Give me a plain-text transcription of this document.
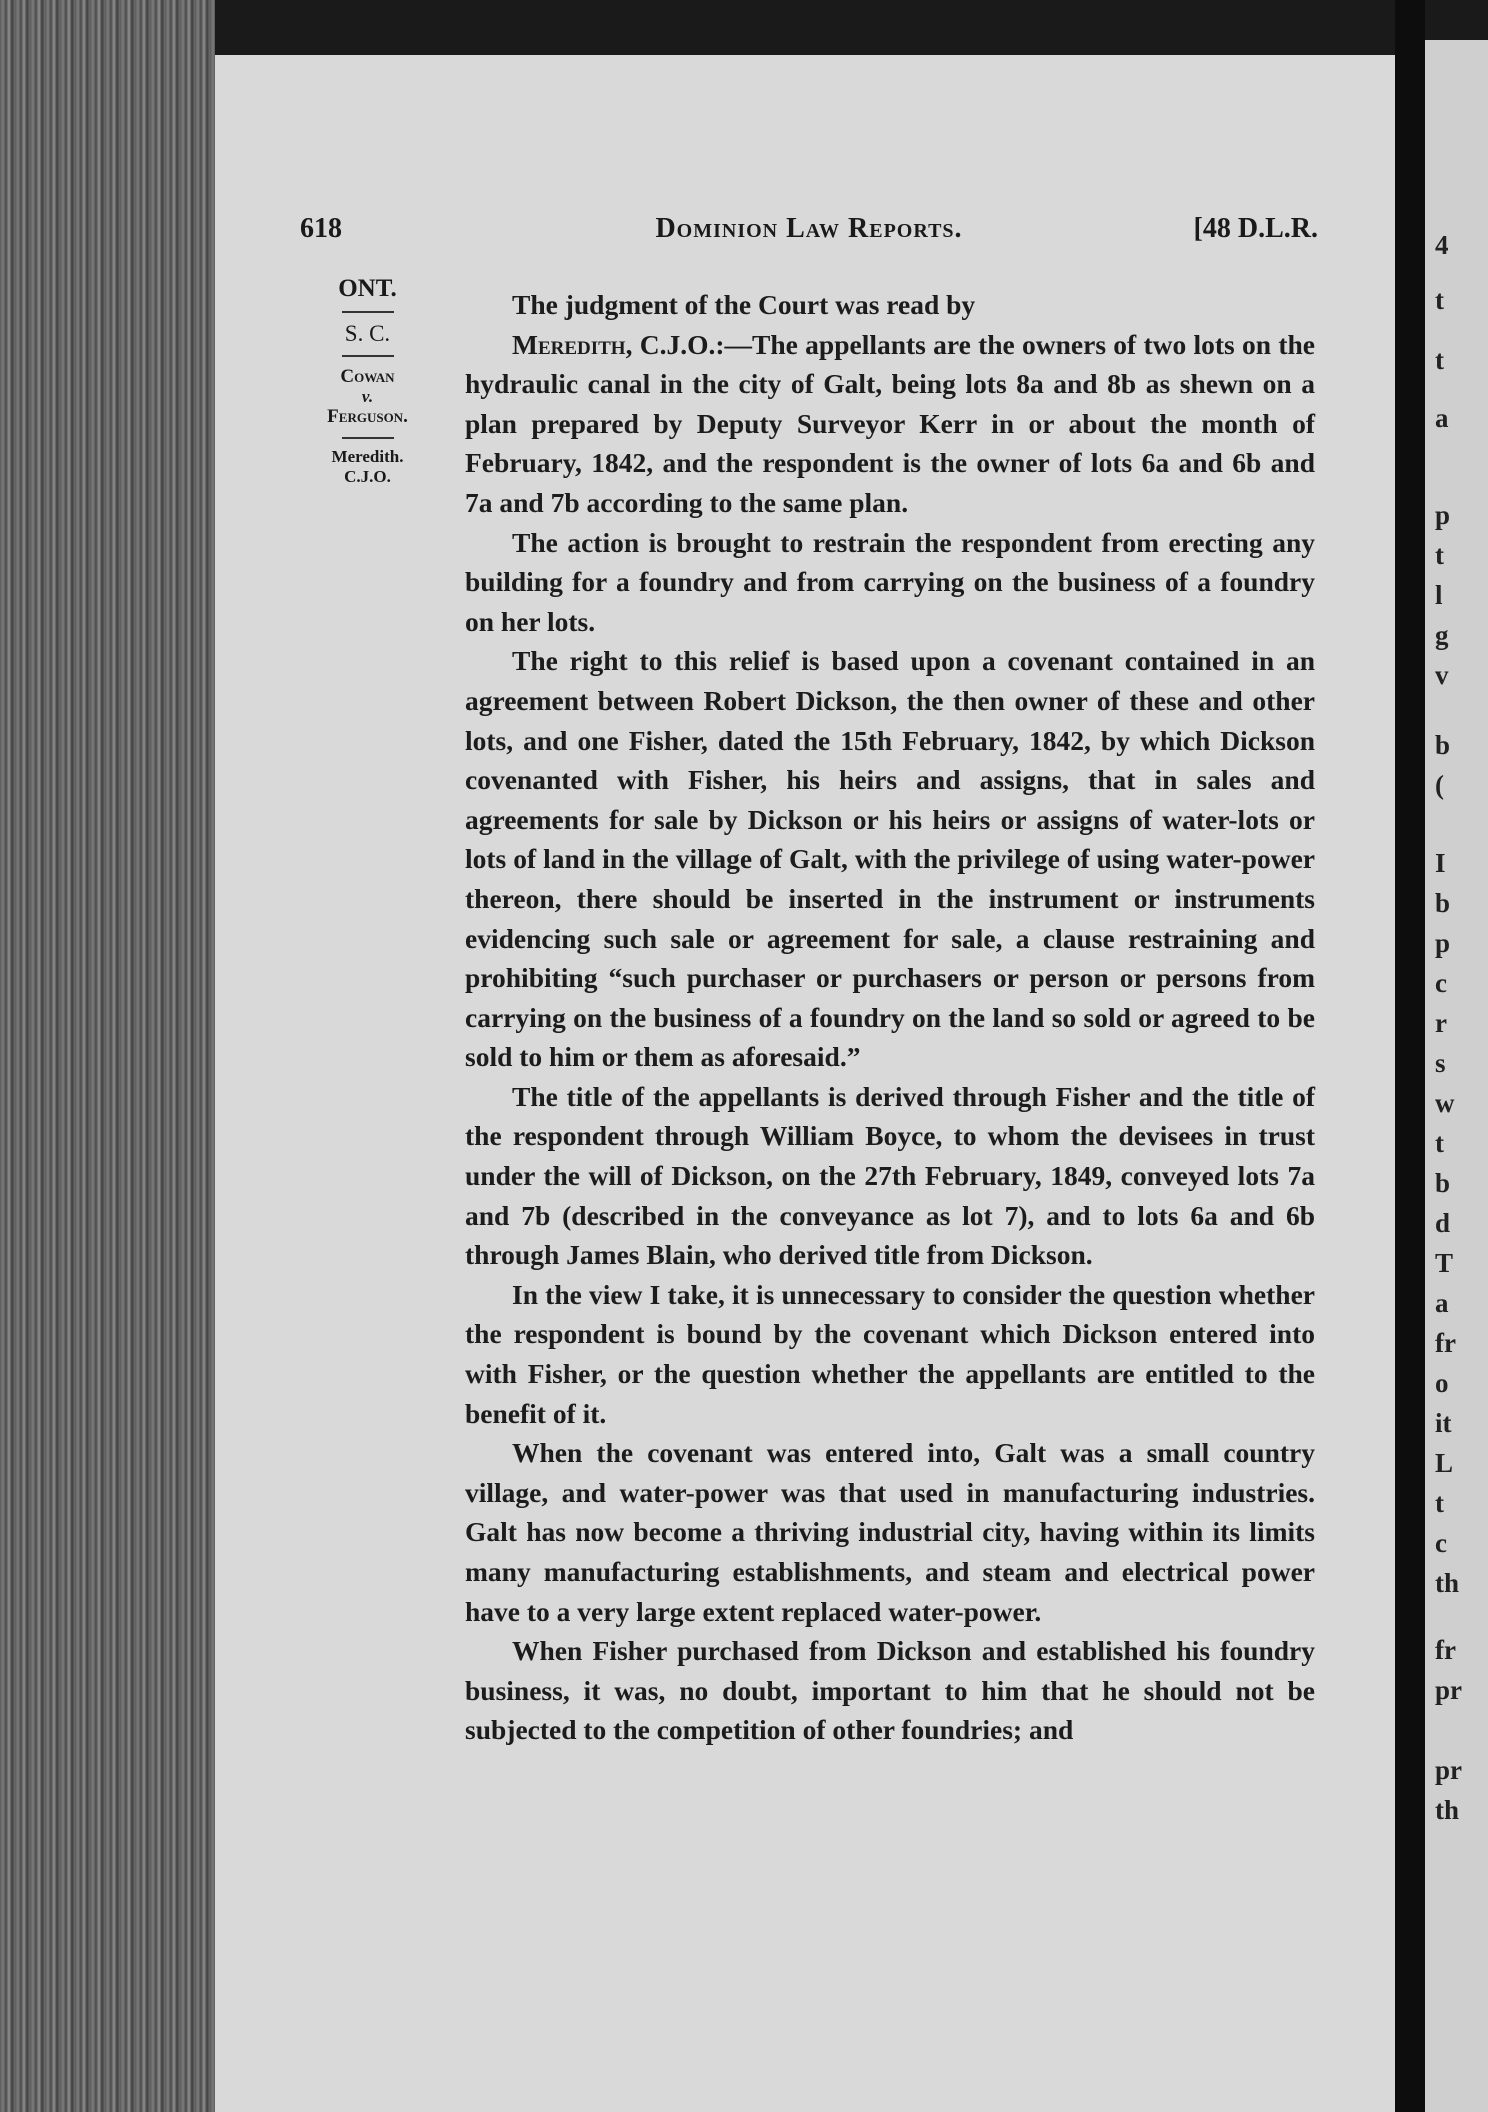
4
t
t
a
p
t
l
g
v
b
(
I
b
p
c
r
s
w
t
b
d
T
a
fr
o
it
L
t
c
th
fr
pr
pr
th
618	Dominion Law Reports.	[48 D.L.R.
ONT.
S. C.
Cowan
v.
Ferguson.
Meredith.
C.J.O.

The judgment of the Court was read by

Meredith, C.J.O.:—The appellants are the owners of two lots on the hydraulic canal in the city of Galt, being lots 8a and 8b as shewn on a plan prepared by Deputy Surveyor Kerr in or about the month of February, 1842, and the respondent is the owner of lots 6a and 6b and 7a and 7b according to the same plan.

The action is brought to restrain the respondent from erecting any building for a foundry and from carrying on the business of a foundry on her lots.

The right to this relief is based upon a covenant contained in an agreement between Robert Dickson, the then owner of these and other lots, and one Fisher, dated the 15th February, 1842, by which Dickson covenanted with Fisher, his heirs and assigns, that in sales and agreements for sale by Dickson or his heirs or assigns of water-lots or lots of land in the village of Galt, with the privilege of using water-power thereon, there should be inserted in the instrument or instruments evidencing such sale or agreement for sale, a clause restraining and prohibiting “such purchaser or purchasers or person or persons from carrying on the business of a foundry on the land so sold or agreed to be sold to him or them as aforesaid.”

The title of the appellants is derived through Fisher and the title of the respondent through William Boyce, to whom the devisees in trust under the will of Dickson, on the 27th February, 1849, conveyed lots 7a and 7b (described in the conveyance as lot 7), and to lots 6a and 6b through James Blain, who derived title from Dickson.

In the view I take, it is unnecessary to consider the question whether the respondent is bound by the covenant which Dickson entered into with Fisher, or the question whether the appellants are entitled to the benefit of it.

When the covenant was entered into, Galt was a small country village, and water-power was that used in manufacturing industries. Galt has now become a thriving industrial city, having within its limits many manufacturing establishments, and steam and electrical power have to a very large extent replaced water-power.

When Fisher purchased from Dickson and established his foundry business, it was, no doubt, important to him that he should not be subjected to the competition of other foundries; and
